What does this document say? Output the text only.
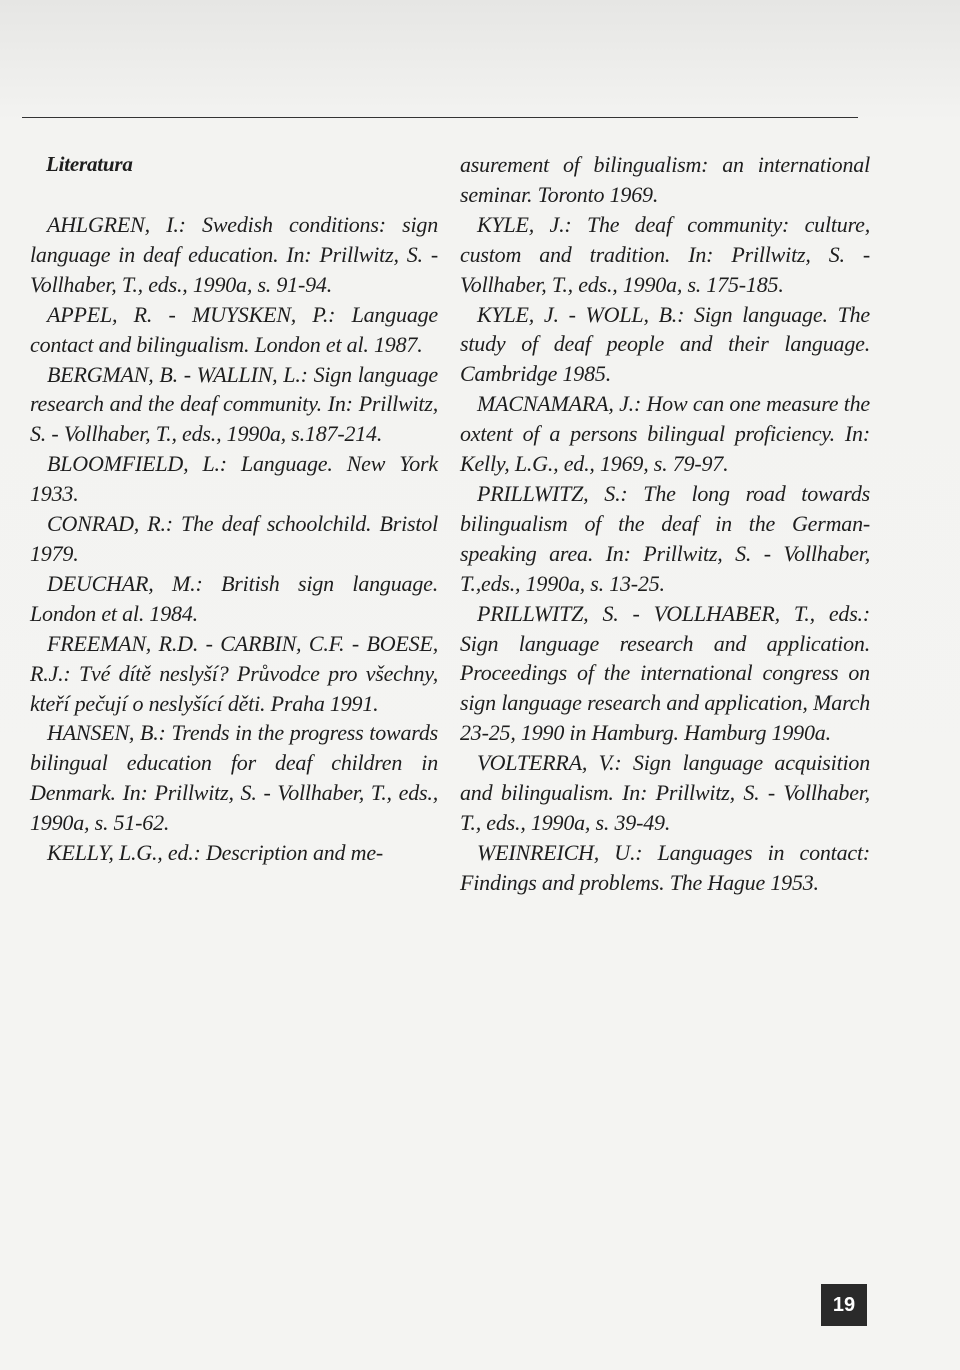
Literatura

AHLGREN, I.: Swedish conditions: sign language in deaf education. In: Prillwitz, S. - Vollhaber, T., eds., 1990a, s. 91-94.

APPEL, R. - MUYSKEN, P.: Language contact and bilingualism. London et al. 1987.

BERGMAN, B. - WALLIN, L.: Sign language research and the deaf community. In: Prillwitz, S. - Vollhaber, T., eds., 1990a, s.187-214.

BLOOMFIELD, L.: Language. New York 1933.

CONRAD, R.: The deaf schoolchild. Bristol 1979.

DEUCHAR, M.: British sign language. London et al. 1984.

FREEMAN, R.D. - CARBIN, C.F. - BOESE, R.J.: Tvé dítě neslyší? Průvodce pro všechny, kteří pečují o neslyšící děti. Praha 1991.

HANSEN, B.: Trends in the progress towards bilingual education for deaf children in Denmark. In: Prillwitz, S. - Vollhaber, T., eds., 1990a, s. 51-62.

KELLY, L.G., ed.: Description and me-

asurement of bilingualism: an international seminar. Toronto 1969.

KYLE, J.: The deaf community: culture, custom and tradition. In: Prillwitz, S. - Vollhaber, T., eds., 1990a, s. 175-185.

KYLE, J. - WOLL, B.: Sign language. The study of deaf people and their language. Cambridge 1985.

MACNAMARA, J.: How can one measure the oxtent of a persons bilingual proficiency. In: Kelly, L.G., ed., 1969, s. 79-97.

PRILLWITZ, S.: The long road towards bilingualism of the deaf in the German-speaking area. In: Prillwitz, S. - Vollhaber, T.,eds., 1990a, s. 13-25.

PRILLWITZ, S. - VOLLHABER, T., eds.: Sign language research and application. Proceedings of the international congress on sign language research and application, March 23-25, 1990 in Hamburg. Hamburg 1990a.

VOLTERRA, V.: Sign language acquisition and bilingualism. In: Prillwitz, S. - Vollhaber, T., eds., 1990a, s. 39-49.

WEINREICH, U.: Languages in contact: Findings and problems. The Hague 1953.

19
